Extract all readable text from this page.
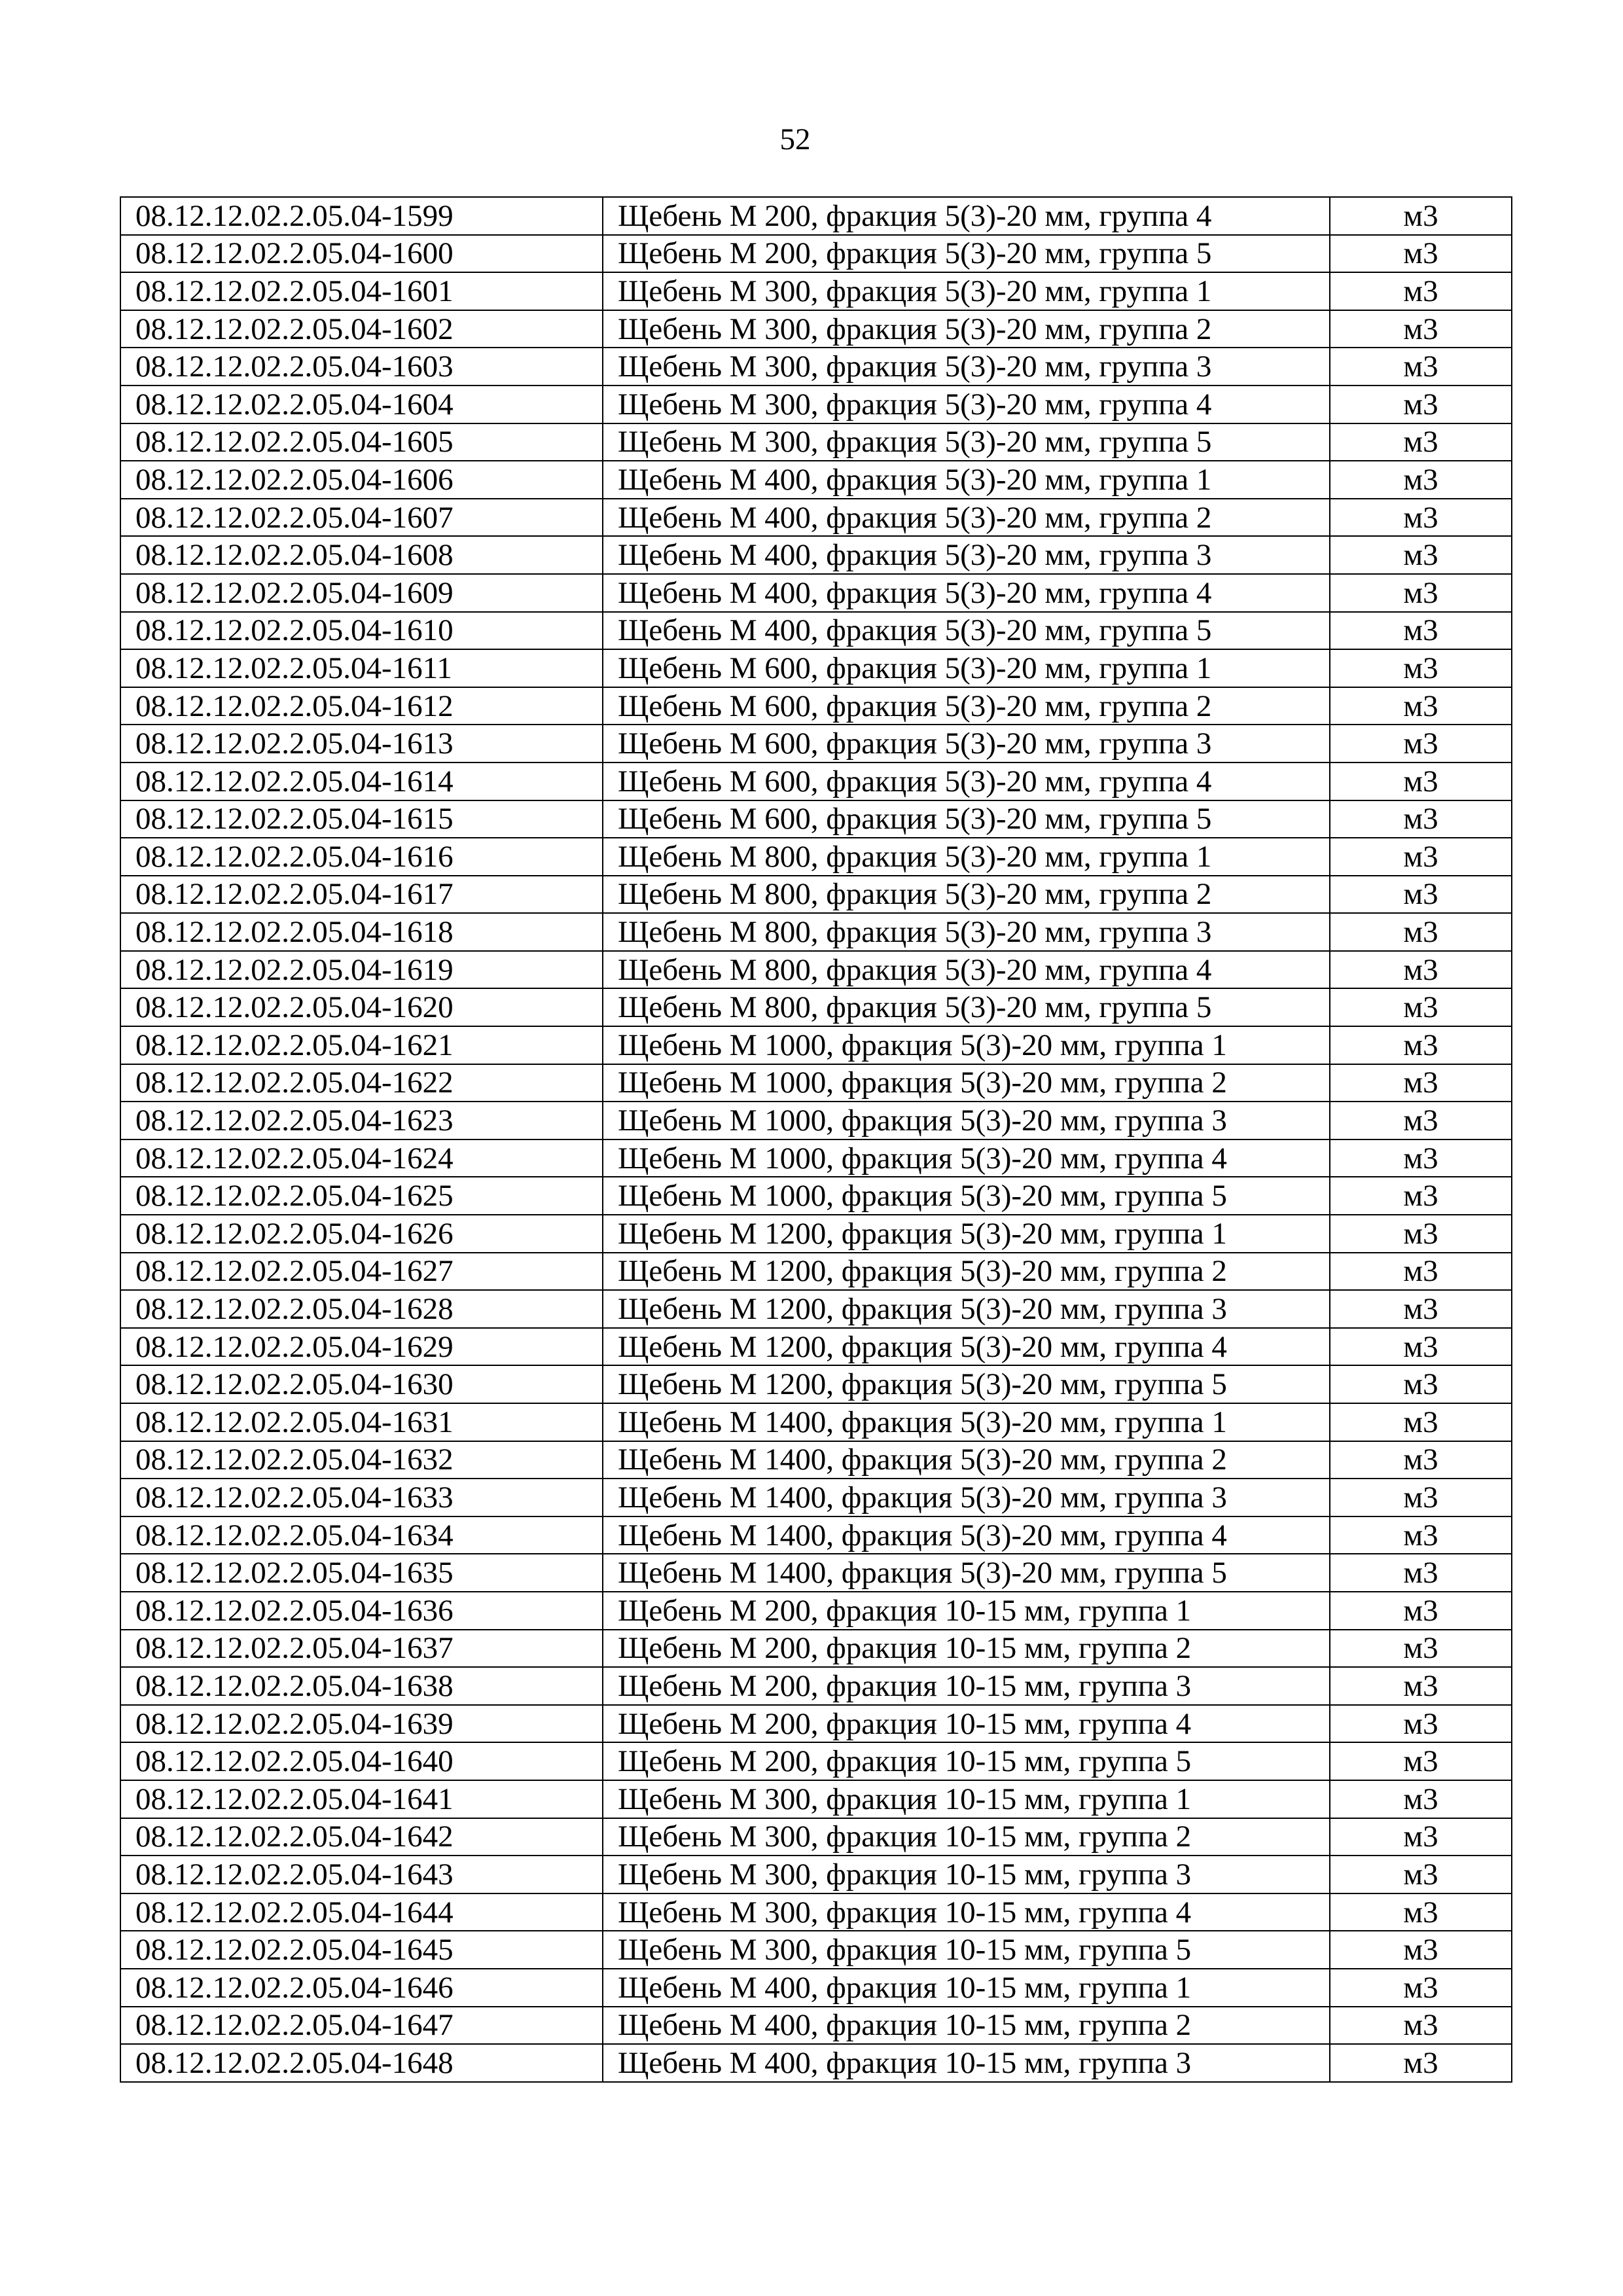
52
08.12.12.02.2.05.04-1599	Щебень М 200, фракция 5(3)-20 мм, группа 4	м3
08.12.12.02.2.05.04-1600	Щебень М 200, фракция 5(3)-20 мм, группа 5	м3
08.12.12.02.2.05.04-1601	Щебень М 300, фракция 5(3)-20 мм, группа 1	м3
08.12.12.02.2.05.04-1602	Щебень М 300, фракция 5(3)-20 мм, группа 2	м3
08.12.12.02.2.05.04-1603	Щебень М 300, фракция 5(3)-20 мм, группа 3	м3
08.12.12.02.2.05.04-1604	Щебень М 300, фракция 5(3)-20 мм, группа 4	м3
08.12.12.02.2.05.04-1605	Щебень М 300, фракция 5(3)-20 мм, группа 5	м3
08.12.12.02.2.05.04-1606	Щебень М 400, фракция 5(3)-20 мм, группа 1	м3
08.12.12.02.2.05.04-1607	Щебень М 400, фракция 5(3)-20 мм, группа 2	м3
08.12.12.02.2.05.04-1608	Щебень М 400, фракция 5(3)-20 мм, группа 3	м3
08.12.12.02.2.05.04-1609	Щебень М 400, фракция 5(3)-20 мм, группа 4	м3
08.12.12.02.2.05.04-1610	Щебень М 400, фракция 5(3)-20 мм, группа 5	м3
08.12.12.02.2.05.04-1611	Щебень М 600, фракция 5(3)-20 мм, группа 1	м3
08.12.12.02.2.05.04-1612	Щебень М 600, фракция 5(3)-20 мм, группа 2	м3
08.12.12.02.2.05.04-1613	Щебень М 600, фракция 5(3)-20 мм, группа 3	м3
08.12.12.02.2.05.04-1614	Щебень М 600, фракция 5(3)-20 мм, группа 4	м3
08.12.12.02.2.05.04-1615	Щебень М 600, фракция 5(3)-20 мм, группа 5	м3
08.12.12.02.2.05.04-1616	Щебень М 800, фракция 5(3)-20 мм, группа 1	м3
08.12.12.02.2.05.04-1617	Щебень М 800, фракция 5(3)-20 мм, группа 2	м3
08.12.12.02.2.05.04-1618	Щебень М 800, фракция 5(3)-20 мм, группа 3	м3
08.12.12.02.2.05.04-1619	Щебень М 800, фракция 5(3)-20 мм, группа 4	м3
08.12.12.02.2.05.04-1620	Щебень М 800, фракция 5(3)-20 мм, группа 5	м3
08.12.12.02.2.05.04-1621	Щебень М 1000, фракция 5(3)-20 мм, группа 1	м3
08.12.12.02.2.05.04-1622	Щебень М 1000, фракция 5(3)-20 мм, группа 2	м3
08.12.12.02.2.05.04-1623	Щебень М 1000, фракция 5(3)-20 мм, группа 3	м3
08.12.12.02.2.05.04-1624	Щебень М 1000, фракция 5(3)-20 мм, группа 4	м3
08.12.12.02.2.05.04-1625	Щебень М 1000, фракция 5(3)-20 мм, группа 5	м3
08.12.12.02.2.05.04-1626	Щебень М 1200, фракция 5(3)-20 мм, группа 1	м3
08.12.12.02.2.05.04-1627	Щебень М 1200, фракция 5(3)-20 мм, группа 2	м3
08.12.12.02.2.05.04-1628	Щебень М 1200, фракция 5(3)-20 мм, группа 3	м3
08.12.12.02.2.05.04-1629	Щебень М 1200, фракция 5(3)-20 мм, группа 4	м3
08.12.12.02.2.05.04-1630	Щебень М 1200, фракция 5(3)-20 мм, группа 5	м3
08.12.12.02.2.05.04-1631	Щебень М 1400, фракция 5(3)-20 мм, группа 1	м3
08.12.12.02.2.05.04-1632	Щебень М 1400, фракция 5(3)-20 мм, группа 2	м3
08.12.12.02.2.05.04-1633	Щебень М 1400, фракция 5(3)-20 мм, группа 3	м3
08.12.12.02.2.05.04-1634	Щебень М 1400, фракция 5(3)-20 мм, группа 4	м3
08.12.12.02.2.05.04-1635	Щебень М 1400, фракция 5(3)-20 мм, группа 5	м3
08.12.12.02.2.05.04-1636	Щебень М 200, фракция 10-15 мм, группа 1	м3
08.12.12.02.2.05.04-1637	Щебень М 200, фракция 10-15 мм, группа 2	м3
08.12.12.02.2.05.04-1638	Щебень М 200, фракция 10-15 мм, группа 3	м3
08.12.12.02.2.05.04-1639	Щебень М 200, фракция 10-15 мм, группа 4	м3
08.12.12.02.2.05.04-1640	Щебень М 200, фракция 10-15 мм, группа 5	м3
08.12.12.02.2.05.04-1641	Щебень М 300, фракция 10-15 мм, группа 1	м3
08.12.12.02.2.05.04-1642	Щебень М 300, фракция 10-15 мм, группа 2	м3
08.12.12.02.2.05.04-1643	Щебень М 300, фракция 10-15 мм, группа 3	м3
08.12.12.02.2.05.04-1644	Щебень М 300, фракция 10-15 мм, группа 4	м3
08.12.12.02.2.05.04-1645	Щебень М 300, фракция 10-15 мм, группа 5	м3
08.12.12.02.2.05.04-1646	Щебень М 400, фракция 10-15 мм, группа 1	м3
08.12.12.02.2.05.04-1647	Щебень М 400, фракция 10-15 мм, группа 2	м3
08.12.12.02.2.05.04-1648	Щебень М 400, фракция 10-15 мм, группа 3	м3
